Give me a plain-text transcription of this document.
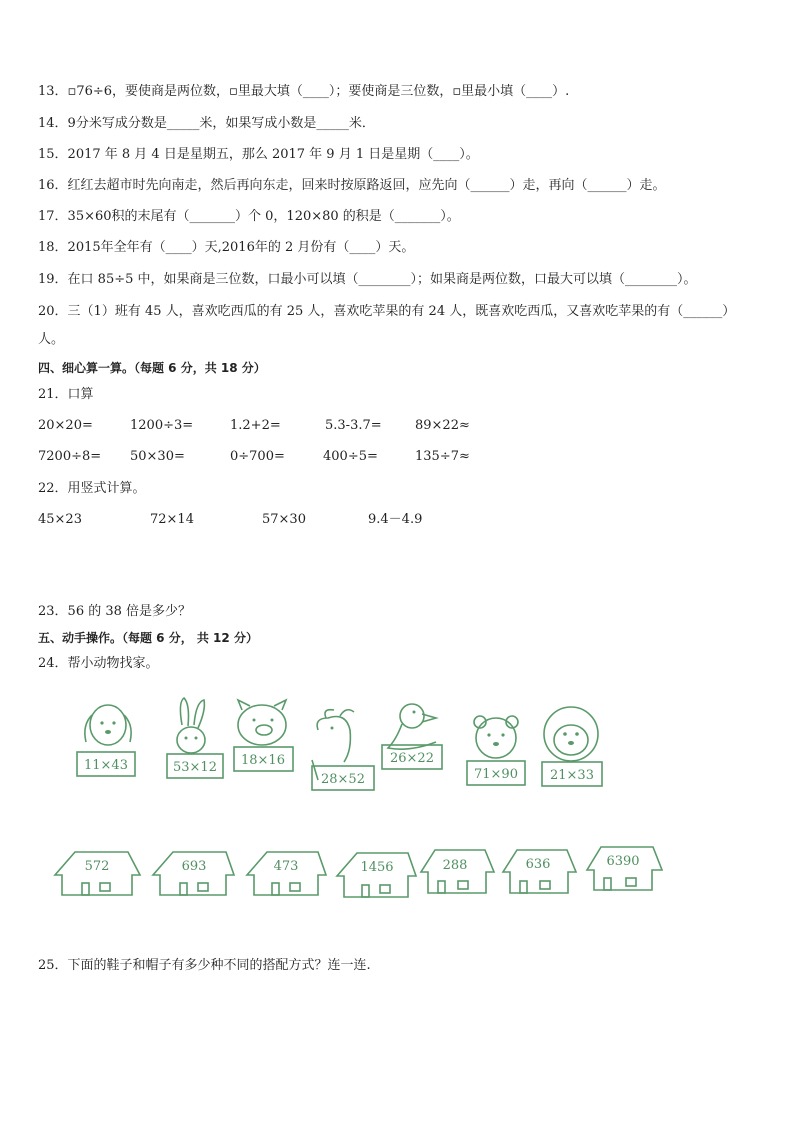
13．▫76÷6，要使商是两位数，▫里最大填（____）；要使商是三位数，▫里最小填（____）.
14．9分米写成分数是_____米，如果写成小数是_____米．
15．2017 年 8 月 4 日是星期五，那么 2017 年 9 月 1 日是星期（____）。
16．红红去超市时先向南走，然后再向东走，回来时按原路返回，应先向（______）走，再向（______）走。
17．35×60积的末尾有（_______）个 0，120×80 的积是（_______）。
18．2015年全年有（____）天,2016年的 2 月份有（____）天。
19．在口 85÷5 中，如果商是三位数，口最小可以填（________）；如果商是两位数，口最大可以填（________）。
20．三（1）班有 45 人，喜欢吃西瓜的有 25 人，喜欢吃苹果的有 24 人，既喜欢吃西瓜，又喜欢吃苹果的有（______）
人。
四、细心算一算。（每题 6 分，共 18 分）
21．口算
20×20=	1200÷3=	1.2+2=	5.3-3.7=	89×22≈
7200÷8= 50×30=	0÷700=	400÷5=	135÷7≈
22．用竖式计算。
45×23	72×14	57×30	9.4－4.9
23．56 的 38 倍是多少？
五、动手操作。（每题 6 分， 共 12 分）
24．帮小动物找家。
11×43	53×12 18×16
28×52
26×22
71×90 21×33
572	693	473	1456	288	636	6390
25．下面的鞋子和帽子有多少种不同的搭配方式？连一连.
